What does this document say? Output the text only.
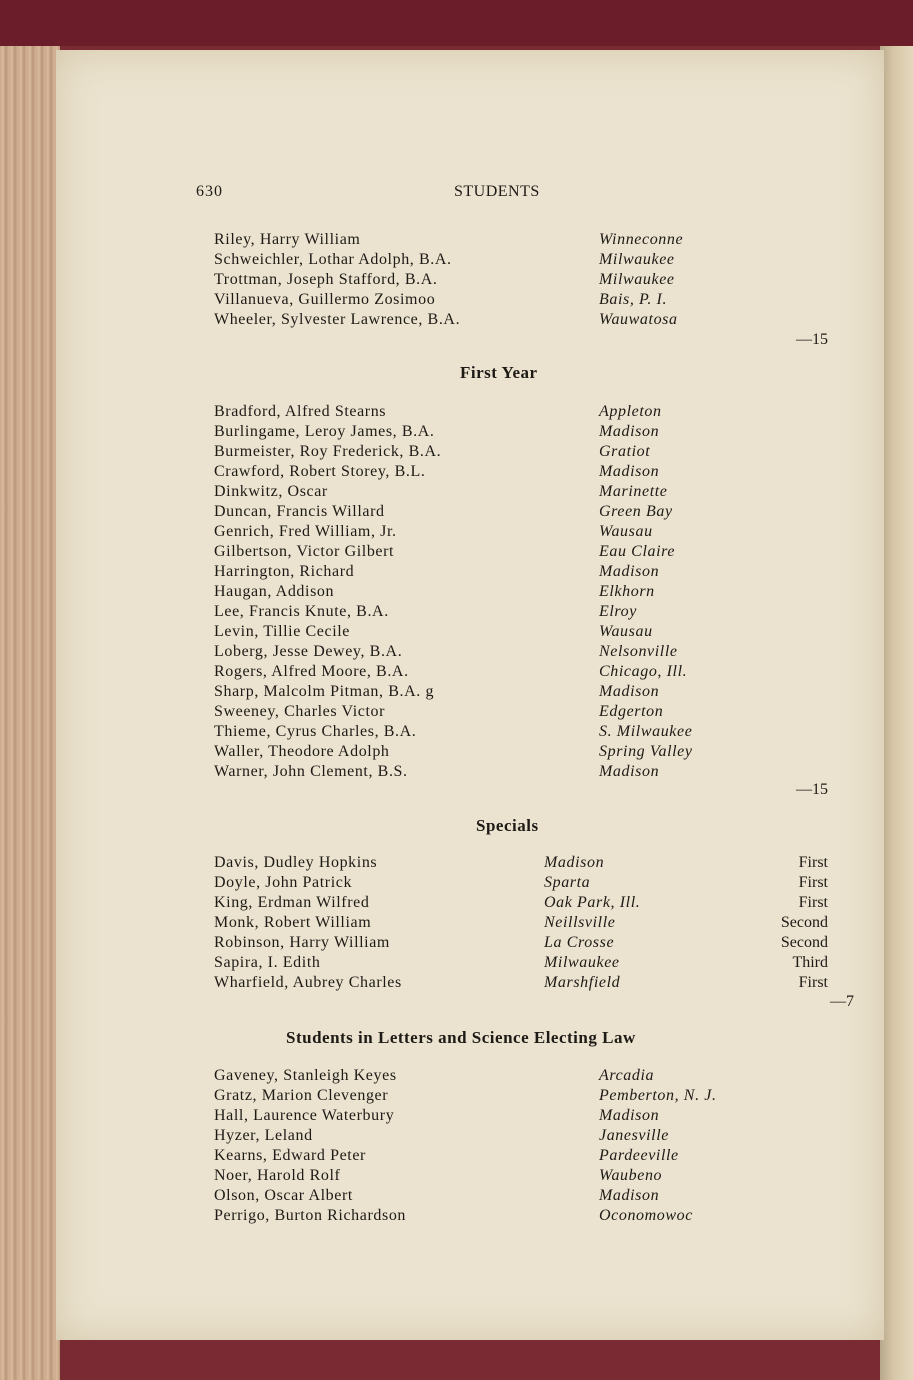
630	STUDENTS
Riley, Harry William	Winneconne
Schweichler, Lothar Adolph, B.A.	Milwaukee
Trottman, Joseph Stafford, B.A.	Milwaukee
Villanueva, Guillermo Zosimoo	Bais, P. I.
Wheeler, Sylvester Lawrence, B.A.	Wauwatosa
—15
First Year
Bradford, Alfred Stearns	Appleton
Burlingame, Leroy James, B.A.	Madison
Burmeister, Roy Frederick, B.A.	Gratiot
Crawford, Robert Storey, B.L.	Madison
Dinkwitz, Oscar	Marinette
Duncan, Francis Willard	Green Bay
Genrich, Fred William, Jr.	Wausau
Gilbertson, Victor Gilbert	Eau Claire
Harrington, Richard	Madison
Haugan, Addison	Elkhorn
Lee, Francis Knute, B.A.	Elroy
Levin, Tillie Cecile	Wausau
Loberg, Jesse Dewey, B.A.	Nelsonville
Rogers, Alfred Moore, B.A.	Chicago, Ill.
Sharp, Malcolm Pitman, B.A. g	Madison
Sweeney, Charles Victor	Edgerton
Thieme, Cyrus Charles, B.A.	S. Milwaukee
Waller, Theodore Adolph	Spring Valley
Warner, John Clement, B.S.	Madison
—15
Specials
Davis, Dudley Hopkins	Madison	First
Doyle, John Patrick	Sparta	First
King, Erdman Wilfred	Oak Park, Ill.	First
Monk, Robert William	Neillsville	Second
Robinson, Harry William	La Crosse	Second
Sapira, I. Edith	Milwaukee	Third
Wharfield, Aubrey Charles	Marshfield	First
—7
Students in Letters and Science Electing Law
Gaveney, Stanleigh Keyes	Arcadia
Gratz, Marion Clevenger	Pemberton, N. J.
Hall, Laurence Waterbury	Madison
Hyzer, Leland	Janesville
Kearns, Edward Peter	Pardeeville
Noer, Harold Rolf	Waubeno
Olson, Oscar Albert	Madison
Perrigo, Burton Richardson	Oconomowoc
